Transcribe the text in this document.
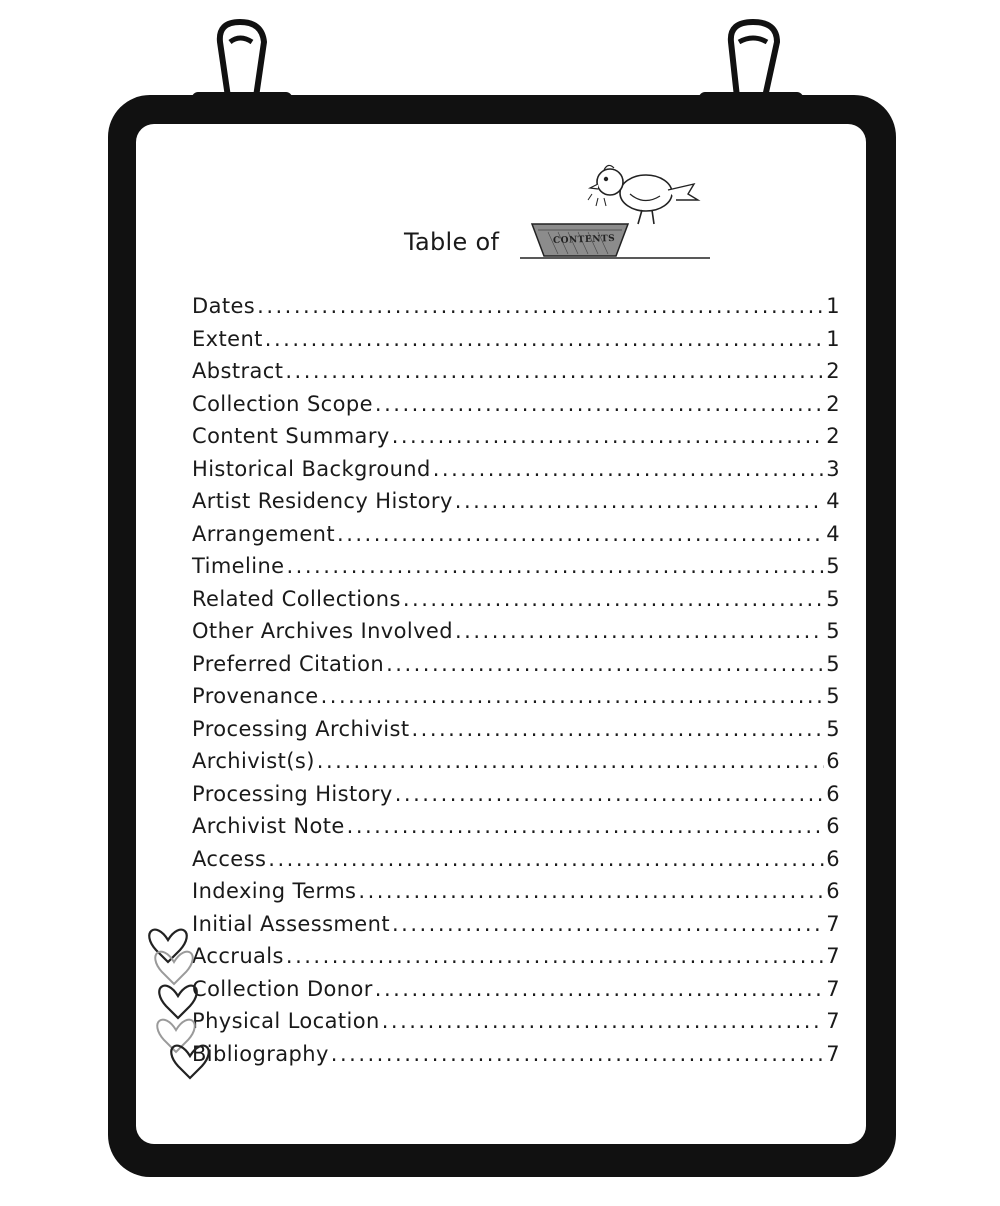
Table of	CONTENTS
Dates .....	1
Extent .....	1
Abstract .....	2
Collection Scope .....	2
Content Summary .....	2
Historical Background .....	3
Artist Residency History .....	4
Arrangement .....	4
Timeline .....	5
Related Collections .....	5
Other Archives Involved .....	5
Preferred Citation .....	5
Provenance .....	5
Processing Archivist .....	5
Archivist(s) .....	6
Processing History .....	6
Archivist Note .....	6
Access .....	6
Indexing Terms .....	6
Initial Assessment .....	7
Accruals .....	7
Collection Donor .....	7
Physical Location .....	7
Bibliography .....	7
